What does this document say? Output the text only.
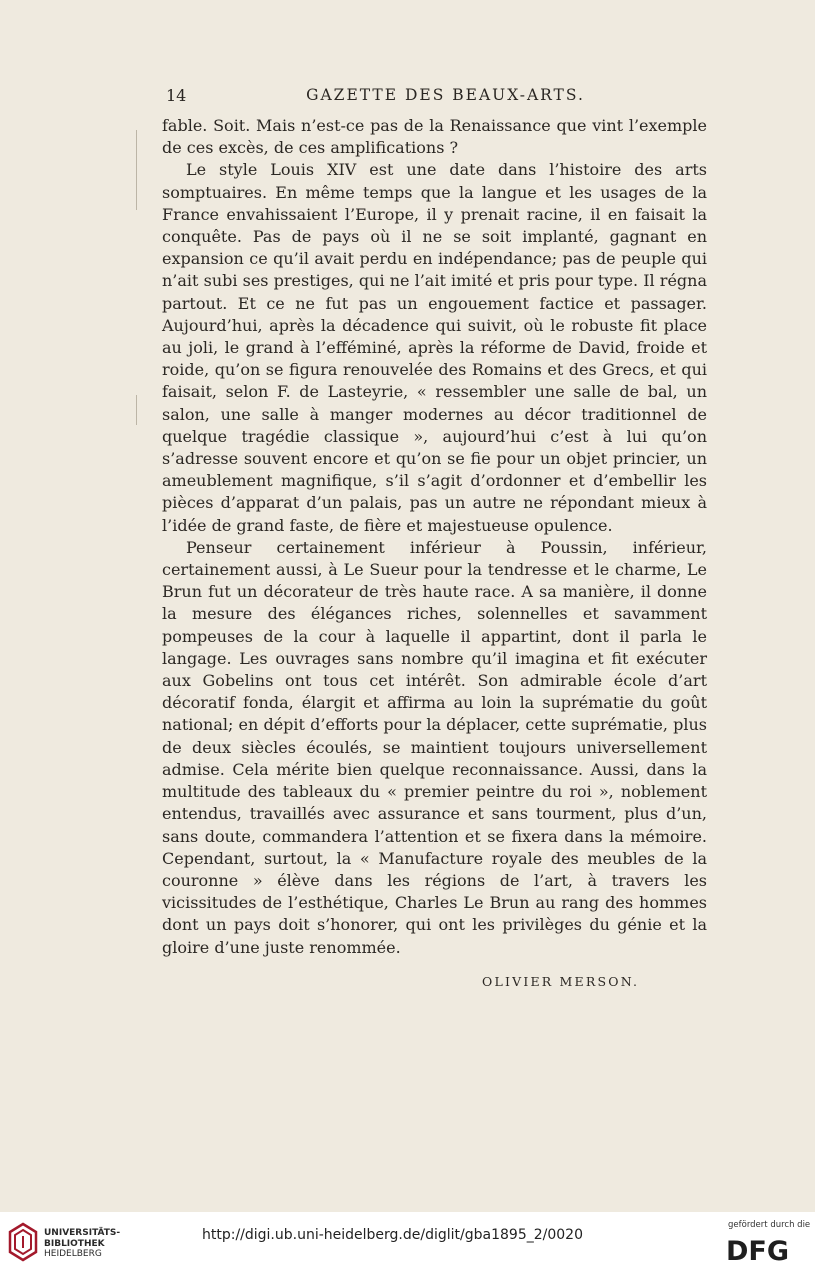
14	GAZETTE DES BEAUX-ARTS.

fable. Soit. Mais n’est-ce pas de la Renaissance que vint l’exemple de ces excès, de ces amplifications ?

Le style Louis XIV est une date dans l’histoire des arts somptuaires. En même temps que la langue et les usages de la France envahissaient l’Europe, il y prenait racine, il en faisait la conquête. Pas de pays où il ne se soit implanté, gagnant en expansion ce qu’il avait perdu en indépendance; pas de peuple qui n’ait subi ses prestiges, qui ne l’ait imité et pris pour type. Il régna partout. Et ce ne fut pas un engouement factice et passager. Aujourd’hui, après la décadence qui suivit, où le robuste fit place au joli, le grand à l’efféminé, après la réforme de David, froide et roide, qu’on se figura renouvelée des Romains et des Grecs, et qui faisait, selon F. de Lasteyrie, « ressembler une salle de bal, un salon, une salle à manger modernes au décor traditionnel de quelque tragédie classique », aujourd’hui c’est à lui qu’on s’adresse souvent encore et qu’on se fie pour un objet princier, un ameublement magnifique, s’il s’agit d’ordonner et d’embellir les pièces d’apparat d’un palais, pas un autre ne répondant mieux à l’idée de grand faste, de fière et majestueuse opulence.

Penseur certainement inférieur à Poussin, inférieur, certainement aussi, à Le Sueur pour la tendresse et le charme, Le Brun fut un décorateur de très haute race. A sa manière, il donne la mesure des élégances riches, solennelles et savamment pompeuses de la cour à laquelle il appartint, dont il parla le langage. Les ouvrages sans nombre qu’il imagina et fit exécuter aux Gobelins ont tous cet intérêt. Son admirable école d’art décoratif fonda, élargit et affirma au loin la suprématie du goût national; en dépit d’efforts pour la déplacer, cette suprématie, plus de deux siècles écoulés, se maintient toujours universellement admise. Cela mérite bien quelque reconnaissance. Aussi, dans la multitude des tableaux du « premier peintre du roi », noblement entendus, travaillés avec assurance et sans tourment, plus d’un, sans doute, commandera l’attention et se fixera dans la mémoire. Cependant, surtout, la « Manufacture royale des meubles de la couronne » élève dans les régions de l’art, à travers les vicissitudes de l’esthétique, Charles Le Brun au rang des hommes dont un pays doit s’honorer, qui ont les privilèges du génie et la gloire d’une juste renommée.

OLIVIER MERSON.
UNIVERSITÄTS-
BIBLIOTHEK
HEIDELBERG
http://digi.ub.uni-heidelberg.de/diglit/gba1895_2/0020
gefördert durch die
DFG
